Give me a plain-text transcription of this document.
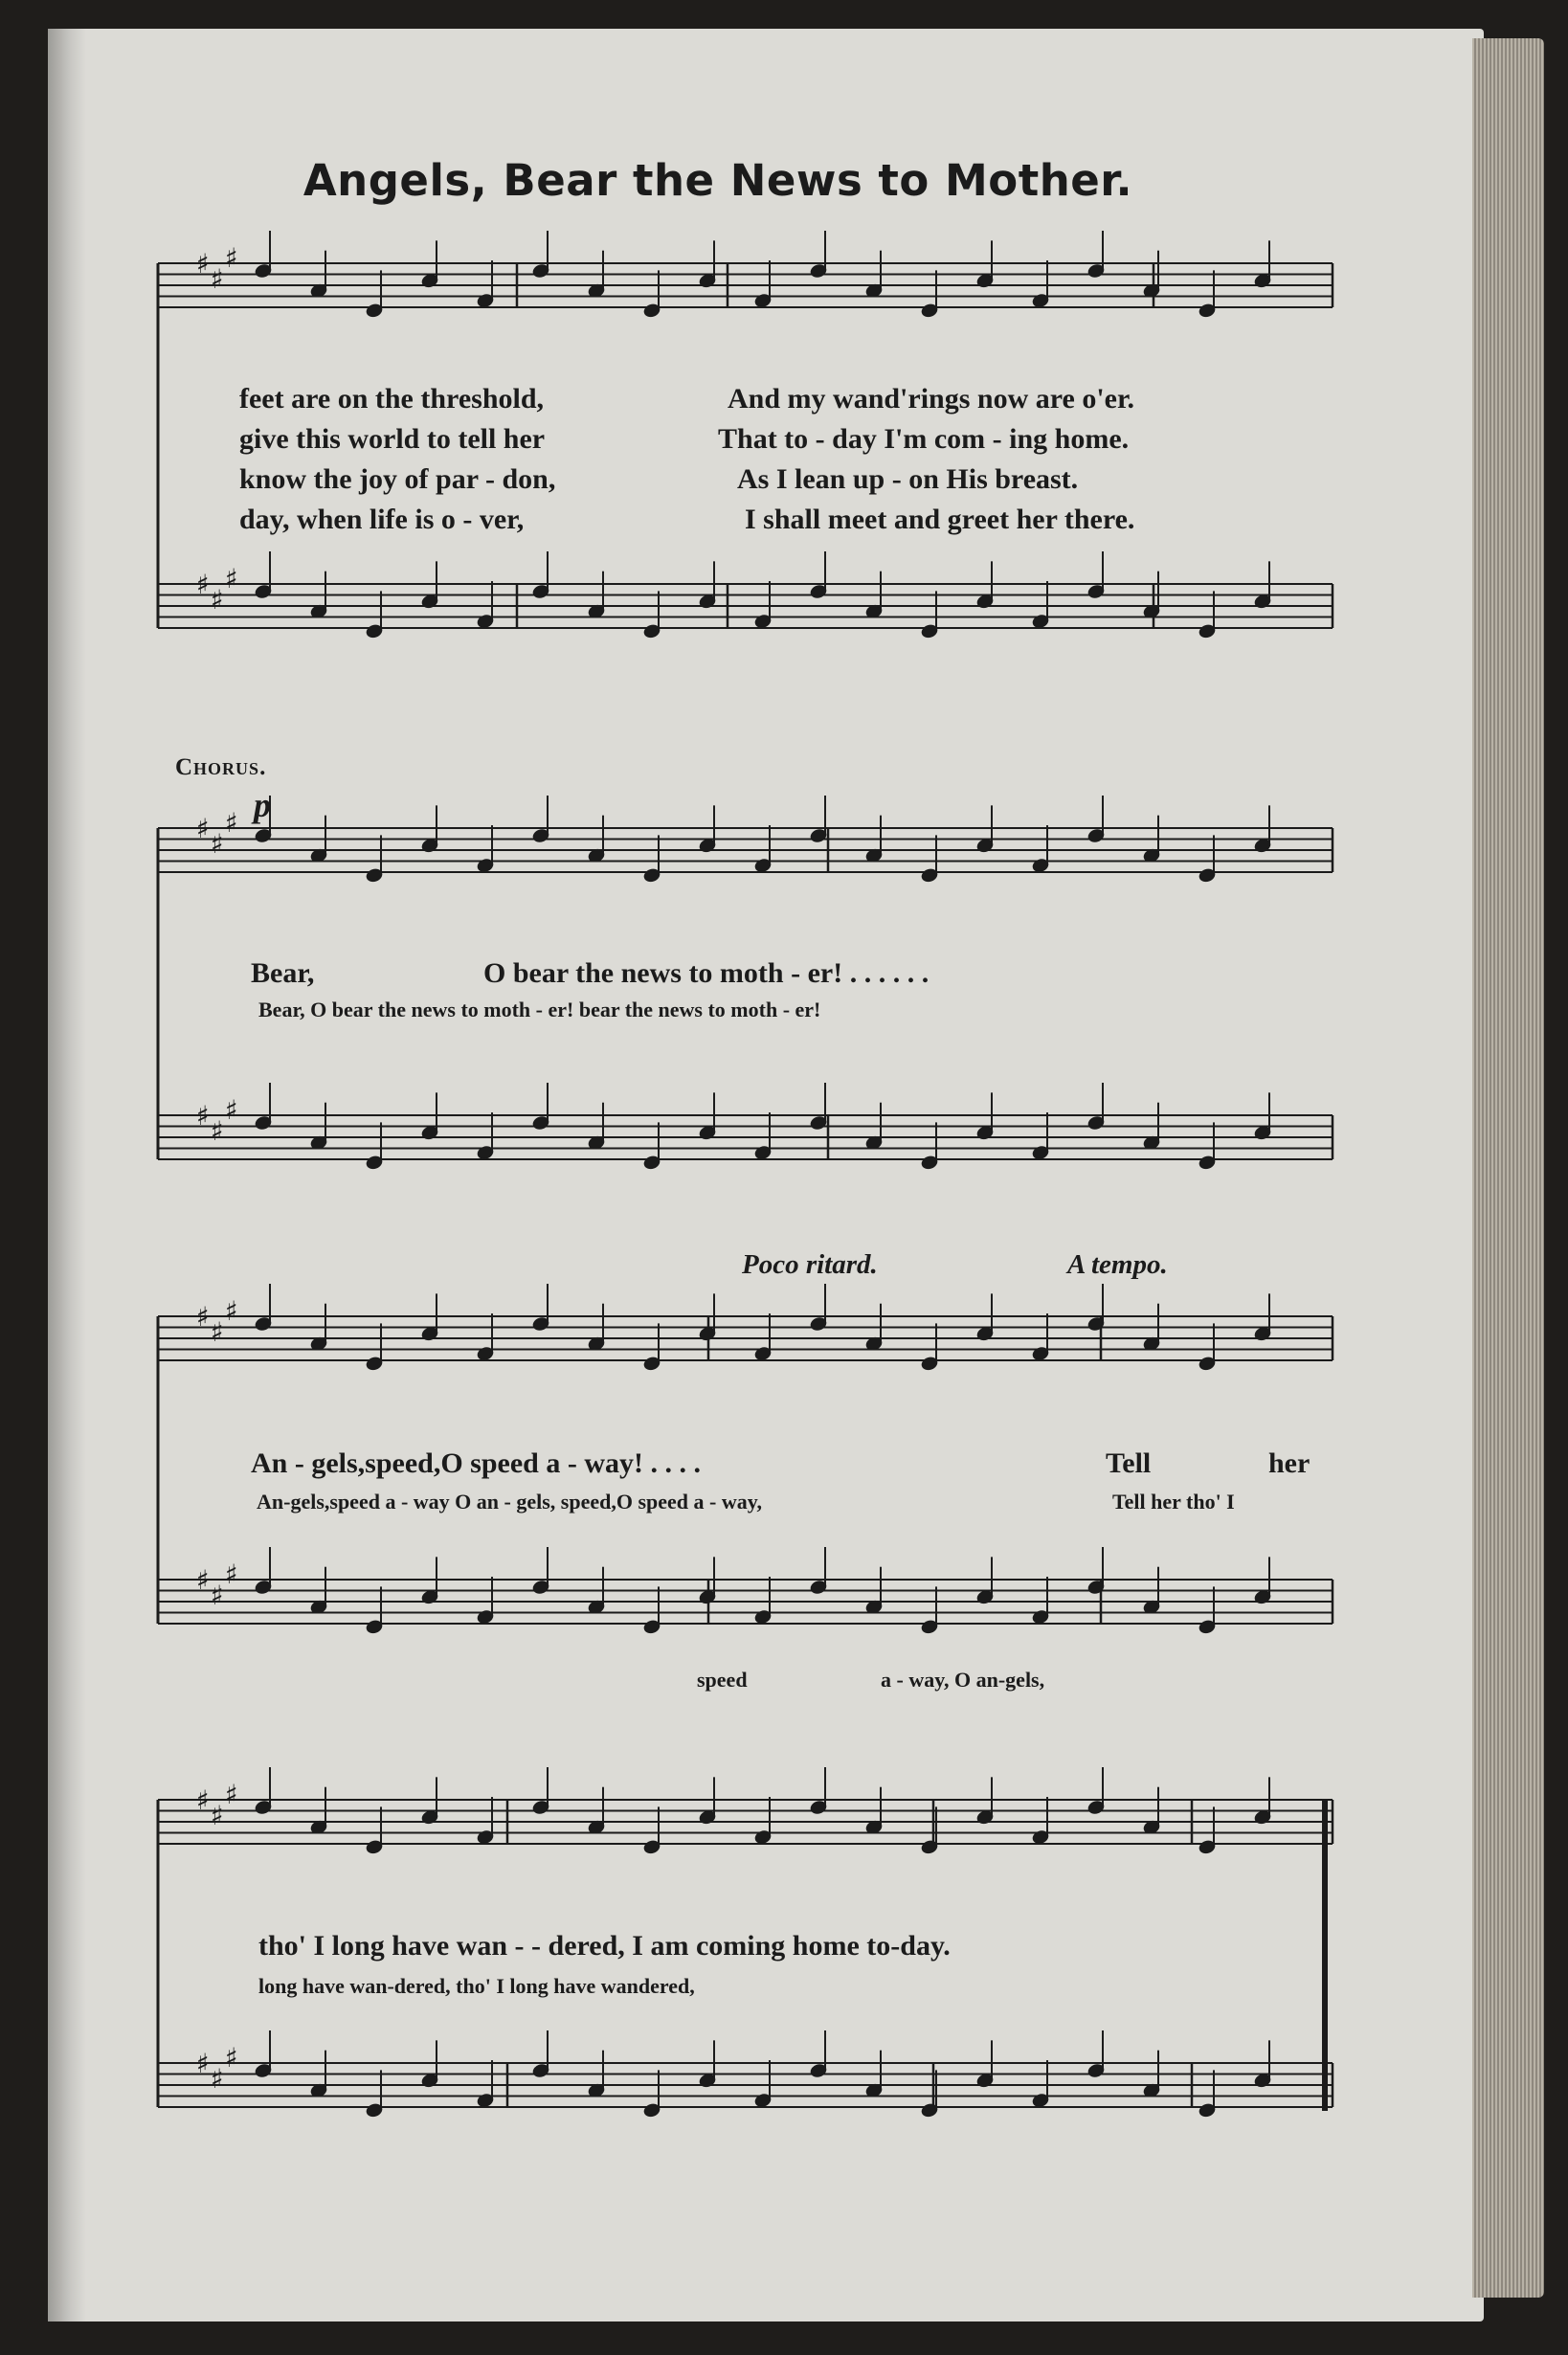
Angels, Bear the News to Mother.
♯ ♯
♯
♯ ♯
♯
♯ ♯
♯
♯ ♯
♯
♯ ♯
♯
♯ ♯
♯
♯ ♯
♯
♯ ♯
♯
feet are on the threshold,	And my wand'rings now are o'er.
give this world to tell her	That to - day I'm com - ing home.
know the joy of par - don,	As I lean up - on His breast.
day, when life is o - ver,	I shall meet and greet her there.
Chorus.
p
Bear,	O bear the news to moth - er! . . . . . .
Bear, O bear the news to moth - er! bear the news to moth - er!
Poco ritard.	A tempo.
An - gels,speed,O speed a - way! . . . .	Tell	her
An-gels,speed a - way O an - gels, speed,O speed a - way,	Tell her tho' I
speed	a - way, O an-gels,
tho' I long have wan - - dered, I am coming home to-day.
long have wan-dered, tho' I long have wandered,
